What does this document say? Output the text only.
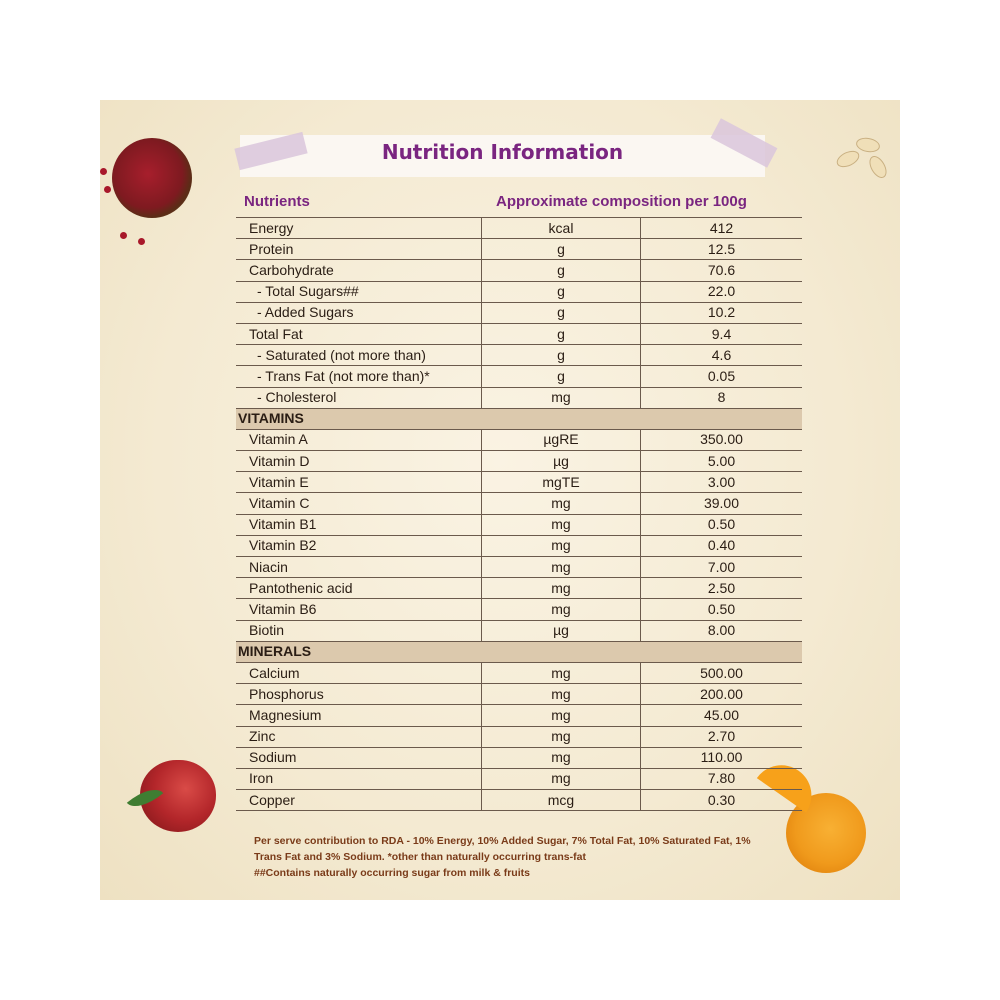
Nutrition Information
Nutrients	Approximate composition per 100g
Energy	kcal	412
Protein	g	12.5
Carbohydrate	g	70.6
- Total Sugars##	g	22.0
- Added Sugars	g	10.2
Total Fat	g	9.4
- Saturated (not more than)	g	4.6
- Trans Fat (not more than)*	g	0.05
- Cholesterol	mg	8
VITAMINS		
Vitamin A	µgRE	350.00
Vitamin D	µg	5.00
Vitamin E	mgTE	3.00
Vitamin C	mg	39.00
Vitamin B1	mg	0.50
Vitamin B2	mg	0.40
Niacin	mg	7.00
Pantothenic acid	mg	2.50
Vitamin B6	mg	0.50
Biotin	µg	8.00
MINERALS		
Calcium	mg	500.00
Phosphorus	mg	200.00
Magnesium	mg	45.00
Zinc	mg	2.70
Sodium	mg	110.00
Iron	mg	7.80
Copper	mcg	0.30

Per serve contribution to RDA - 10% Energy, 10% Added Sugar, 7% Total Fat, 10% Saturated Fat, 1% Trans Fat and 3% Sodium. *other than naturally occurring trans-fat

##Contains naturally occurring sugar from milk & fruits
